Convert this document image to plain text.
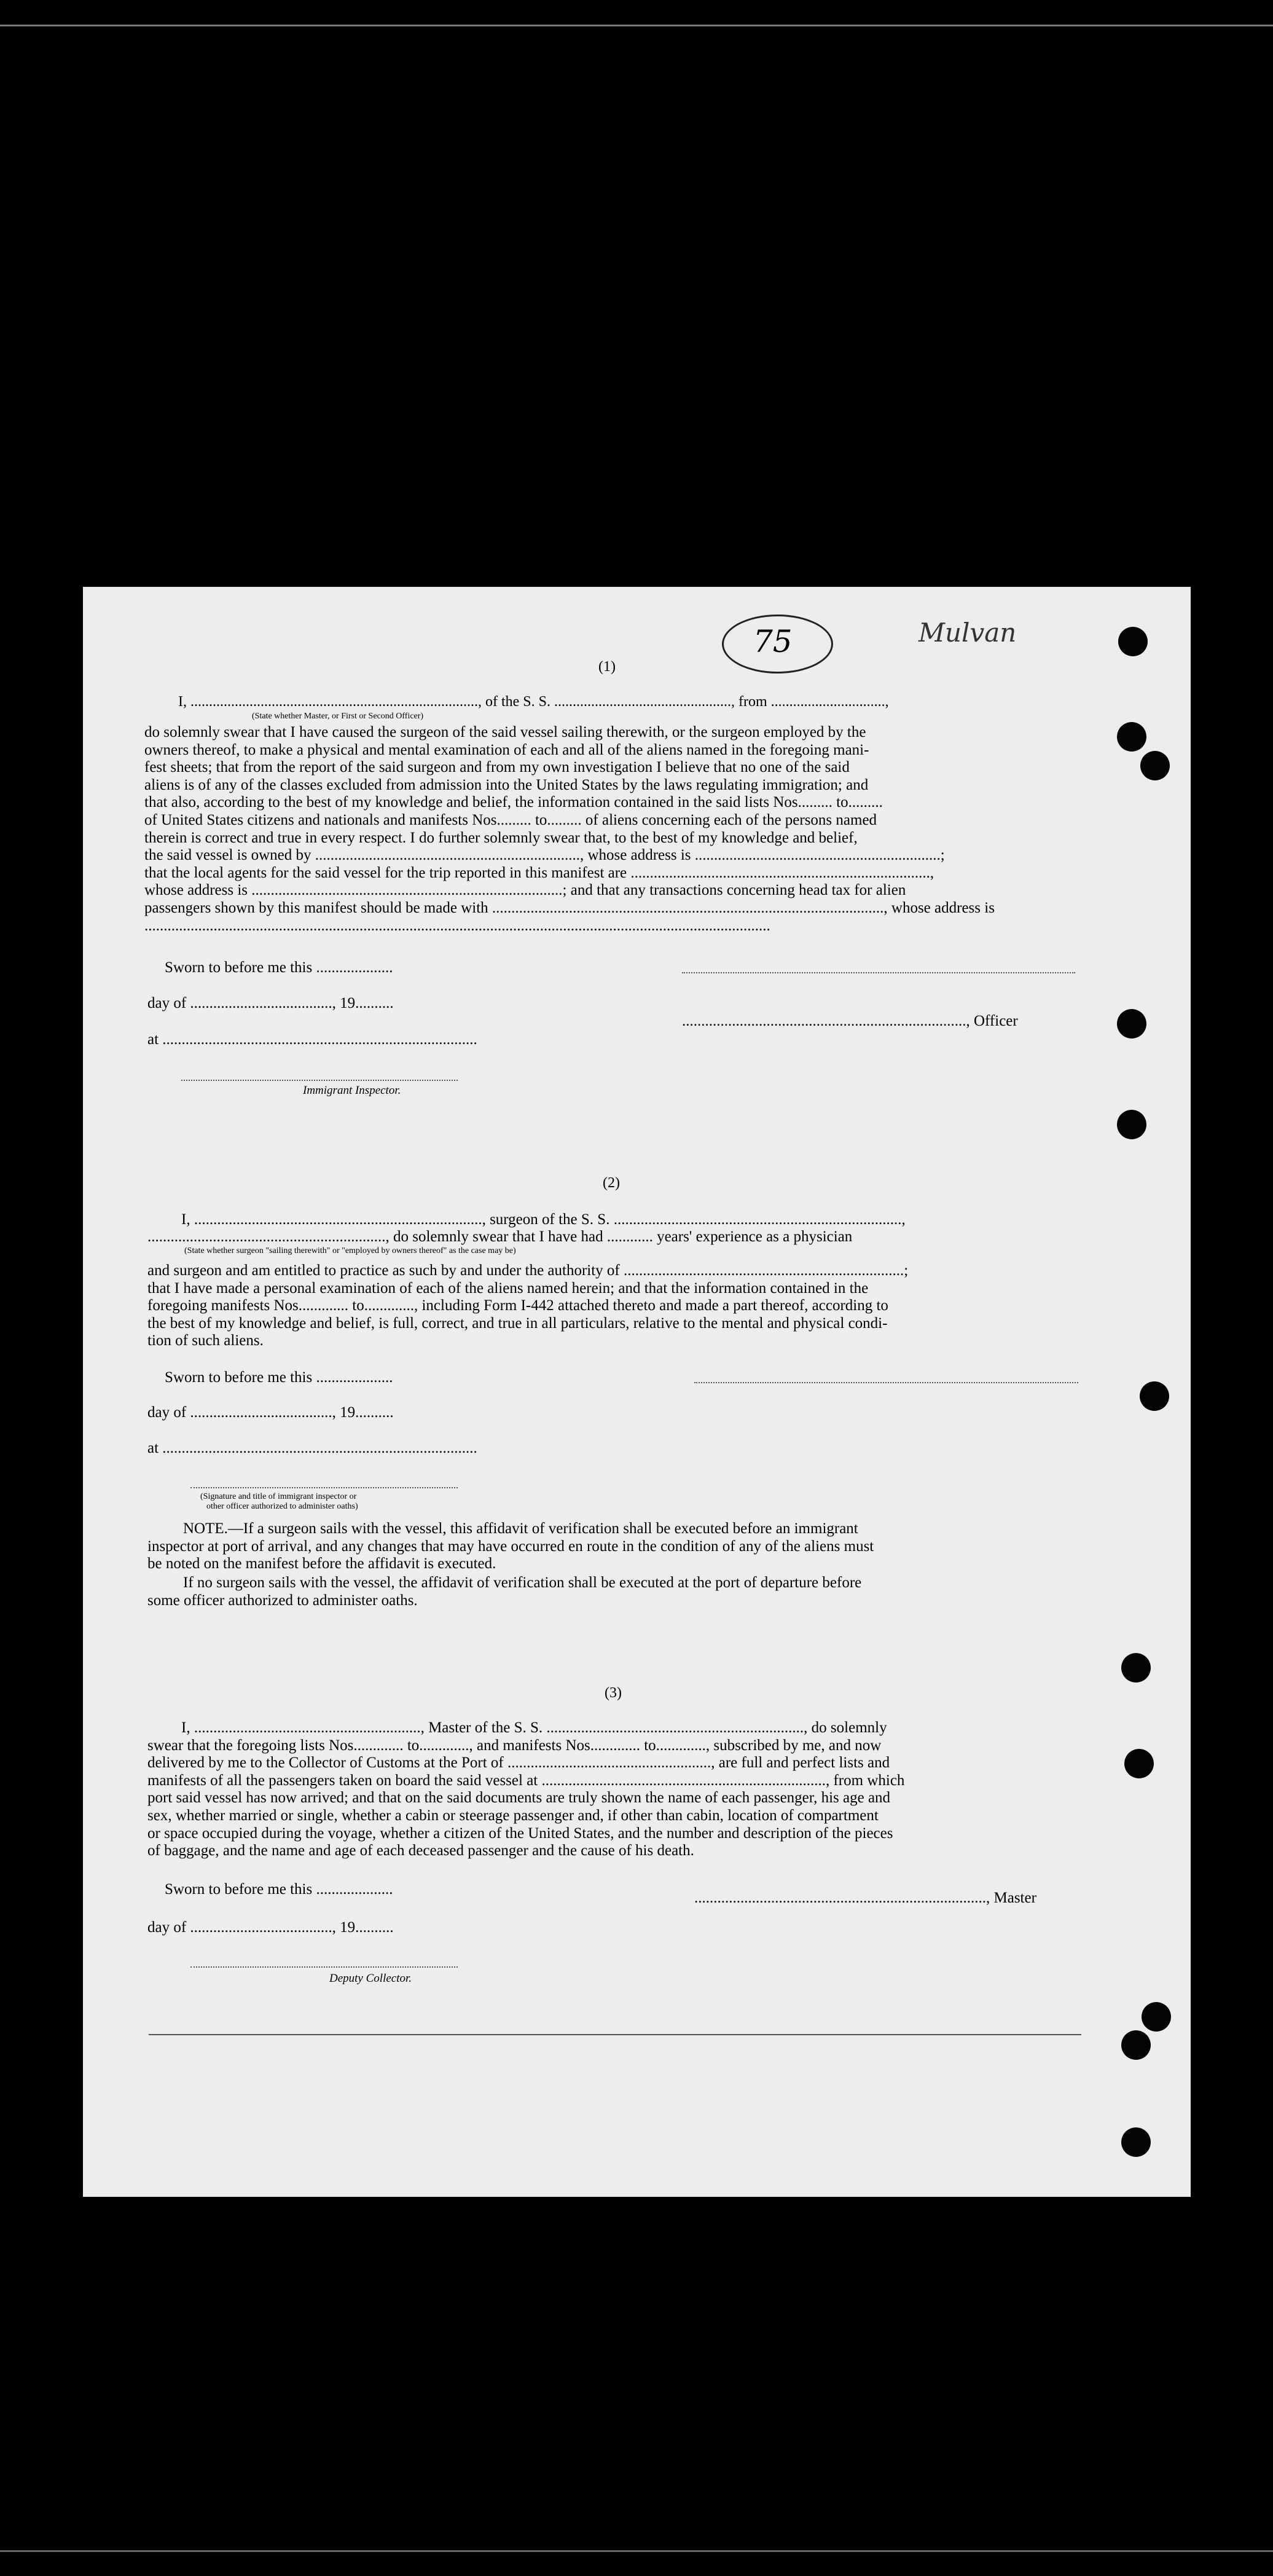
75	Mulvan
(1)
I, .............................................................................., of the S. S. ................................................, from ...............................,
(State whether Master, or First or Second Officer)
do solemnly swear that I have caused the surgeon of the said vessel sailing therewith, or the surgeon employed by the
owners thereof, to make a physical and mental examination of each and all of the aliens named in the foregoing mani-
fest sheets; that from the report of the said surgeon and from my own investigation I believe that no one of the said
aliens is of any of the classes excluded from admission into the United States by the laws regulating immigration; and
that also, according to the best of my knowledge and belief, the information contained in the said lists Nos......... to.........
of United States citizens and nationals and manifests Nos......... to......... of aliens concerning each of the persons named
therein is correct and true in every respect. I do further solemnly swear that, to the best of my knowledge and belief,
the said vessel is owned by ....................................................................., whose address is ................................................................;
that the local agents for the said vessel for the trip reported in this manifest are ..............................................................................,
whose address is .................................................................................; and that any transactions concerning head tax for alien
passengers shown by this manifest should be made with ......................................................................................................, whose address is
...................................................................................................................................................................
Sworn to before me this ....................
day of ....................................., 19..........
.........................................................................., Officer
at ..................................................................................
Immigrant Inspector.
(2)
I, ..........................................................................., surgeon of the S. S. ...........................................................................,
.............................................................., do solemnly swear that I have had ............ years' experience as a physician
(State whether surgeon "sailing therewith" or "employed by owners thereof" as the case may be)
and surgeon and am entitled to practice as such by and under the authority of .........................................................................;
that I have made a personal examination of each of the aliens named herein; and that the information contained in the
foregoing manifests Nos............. to............., including Form I-442 attached thereto and made a part thereof, according to
the best of my knowledge and belief, is full, correct, and true in all particulars, relative to the mental and physical condi-
tion of such aliens.
Sworn to before me this ....................
day of ....................................., 19..........
at ..................................................................................
(Signature and title of immigrant inspector or
other officer authorized to administer oaths)
NOTE.—If a surgeon sails with the vessel, this affidavit of verification shall be executed before an immigrant
inspector at port of arrival, and any changes that may have occurred en route in the condition of any of the aliens must
be noted on the manifest before the affidavit is executed.
If no surgeon sails with the vessel, the affidavit of verification shall be executed at the port of departure before
some officer authorized to administer oaths.
(3)
I, ..........................................................., Master of the S. S. ..................................................................., do solemnly
swear that the foregoing lists Nos............. to............., and manifests Nos............. to............., subscribed by me, and now
delivered by me to the Collector of Customs at the Port of ....................................................., are full and perfect lists and
manifests of all the passengers taken on board the said vessel at .........................................................................., from which
port said vessel has now arrived; and that on the said documents are truly shown the name of each passenger, his age and
sex, whether married or single, whether a cabin or steerage passenger and, if other than cabin, location of compartment
or space occupied during the voyage, whether a citizen of the United States, and the number and description of the pieces
of baggage, and the name and age of each deceased passenger and the cause of his death.
Sworn to before me this ....................
............................................................................, Master
day of ....................................., 19..........
Deputy Collector.
